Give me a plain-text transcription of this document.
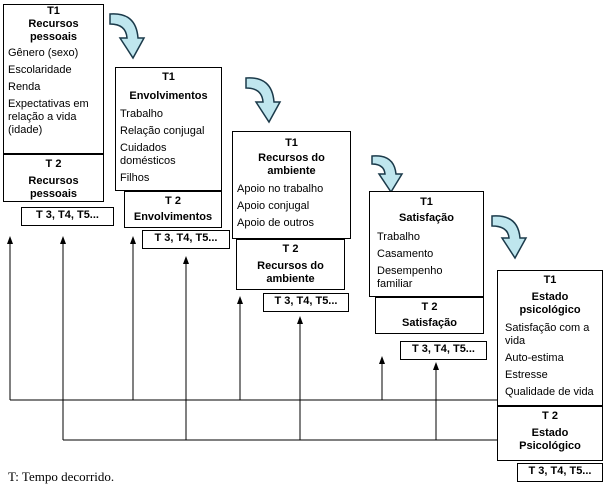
T1
Recursos pessoais
Gênero (sexo)
Escolaridade
Renda
Expectativas em relação a vida (idade)
T 2
Recursos pessoais
T 3, T4, T5...
T1
Envolvimentos
Trabalho
Relação conjugal
Cuidados domésticos
Filhos
T 2
Envolvimentos
T 3, T4, T5...
T1
Recursos do ambiente
Apoio no trabalho
Apoio conjugal
Apoio de outros
T 2
Recursos do ambiente
T 3, T4, T5...
T1
Satisfação
Trabalho
Casamento
Desempenho familiar
T 2
Satisfação
T 3, T4, T5...
T1
Estado psicológico
Satisfação com a vida
Auto-estima
Estresse
Qualidade de vida
T 2
Estado Psicológico
T 3, T4, T5...
T: Tempo decorrido.
